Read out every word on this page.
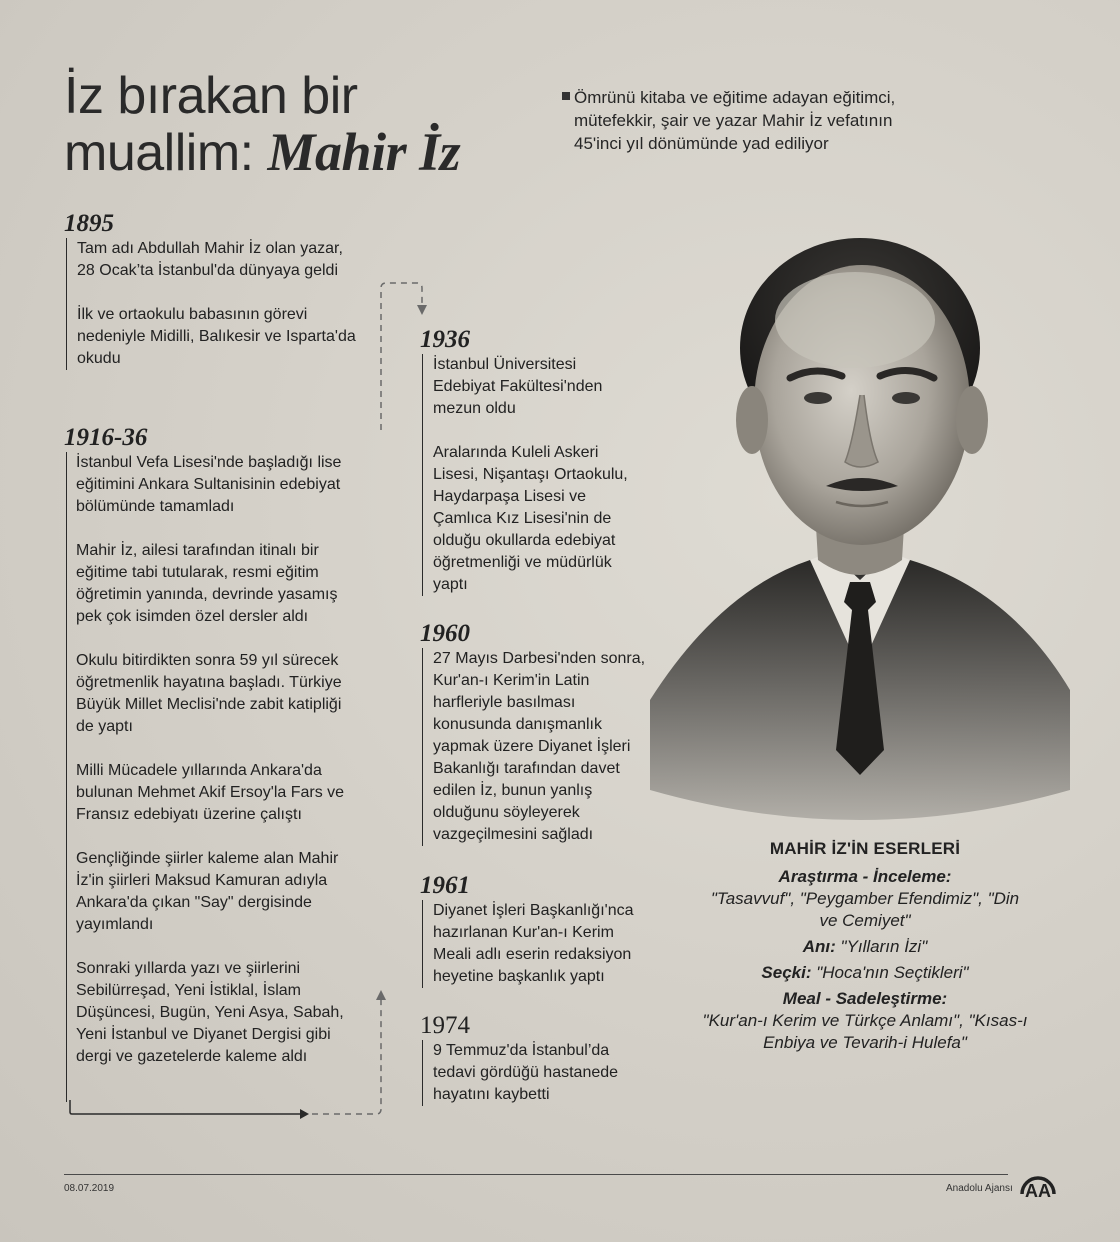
İz bırakan bir
muallim: Mahir İz
Ömrünü kitaba ve eğitime adayan eğitimci, mütefekkir, şair ve yazar Mahir İz vefatının 45'inci yıl dönümünde yad ediliyor
1895

Tam adı Abdullah Mahir İz olan yazar, 28 Ocak’ta İstanbul'da dünyaya geldi

İlk ve ortaokulu babasının görevi nedeniyle Midilli, Balıkesir ve Isparta'da okudu

1916-36

İstanbul Vefa Lisesi'nde başladığı lise eğitimini Ankara Sultanisinin edebiyat bölümünde tamamladı

Mahir İz, ailesi tarafından itinalı bir eğitime tabi tutularak, resmi eğitim öğretimin yanında, devrinde yasamış pek çok isimden özel dersler aldı

Okulu bitirdikten sonra 59 yıl sürecek öğretmenlik hayatına başladı. Türkiye Büyük Millet Meclisi'nde zabit katipliği de yaptı

Milli Mücadele yıllarında Ankara'da bulunan Mehmet Akif Ersoy'la Fars ve Fransız edebiyatı üzerine çalıştı

Gençliğinde şiirler kaleme alan Mahir İz'in şiirleri Maksud Kamuran adıyla Ankara'da çıkan "Say" dergisinde yayımlandı

Sonraki yıllarda yazı ve şiirlerini Sebilürreşad, Yeni İstiklal, İslam Düşüncesi, Bugün, Yeni Asya, Sabah, Yeni İstanbul ve Diyanet Dergisi gibi dergi ve gazetelerde kaleme aldı

1936

İstanbul Üniversitesi Edebiyat Fakültesi'nden mezun oldu

Aralarında Kuleli Askeri Lisesi, Nişantaşı Ortaokulu, Haydarpaşa Lisesi ve Çamlıca Kız Lisesi'nin de olduğu okullarda edebiyat öğretmenliği ve müdürlük yaptı

1960

27 Mayıs Darbesi'nden sonra, Kur'an-ı Kerim'in Latin harfleriyle basılması konusunda danışmanlık yapmak üzere Diyanet İşleri Bakanlığı tarafından davet edilen İz, bunun yanlış olduğunu söyleyerek vazgeçilmesini sağladı

1961

Diyanet İşleri Başkanlığı'nca hazırlanan Kur'an-ı Kerim Meali adlı eserin redaksiyon heyetine başkanlık yaptı

1974

9 Temmuz'da İstanbul’da tedavi gördüğü hastanede hayatını kaybetti

MAHİR İZ'İN ESERLERİ
Araştırma - İnceleme:
"Tasavvuf", "Peygamber Efendimiz", "Din ve Cemiyet"
Anı: "Yılların İzi"
Seçki: "Hoca'nın Seçtikleri"
Meal - Sadeleştirme:
"Kur'an-ı Kerim ve Türkçe Anlamı", "Kısas-ı Enbiya ve Tevarih-i Hulefa"
08.07.2019	Anadolu Ajansı AA
